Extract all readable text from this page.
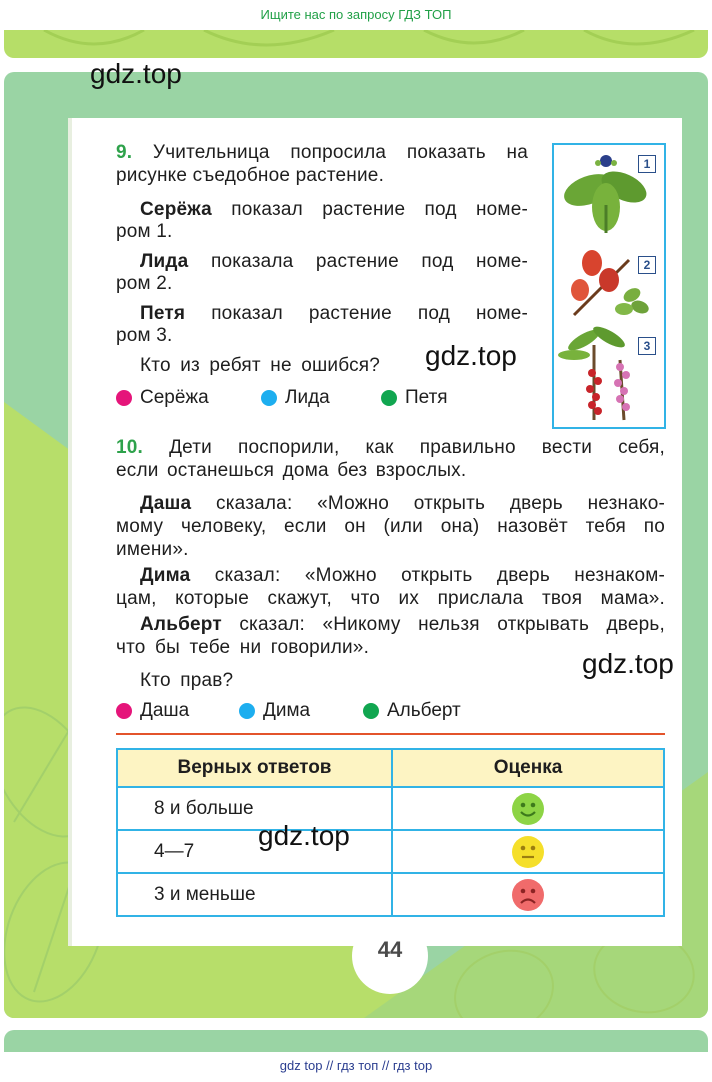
Ищите нас по запросу ГДЗ ТОП
gdz.top
9. Учительница попросила показать на
рисунке съедобное растение.
Серёжа показал растение под номе-
ром 1.
Лида показала растение под номе-
ром 2.
Петя показал растение под номе-
ром 3.
Кто из ребят не ошибся? gdz.top
Серёжа	Лида	Петя
1
2
3
10. Дети поспорили, как правильно вести себя,
если останешься дома без взрослых.
Даша сказала: «Можно открыть дверь незнако-
мому человеку, если он (или она) назовёт тебя по
имени».
Дима сказал: «Можно открыть дверь незнаком-
цам, которые скажут, что их прислала твоя мама».
Альберт сказал: «Никому нельзя открывать дверь,
что бы тебе ни говорили».
gdz.top
Кто прав?
Даша	Дима	Альберт
Верных ответов	Оценка
8 и больше	
4—7	
3 и меньше	
gdz.top
44
gdz top // гдз топ // гдз top
